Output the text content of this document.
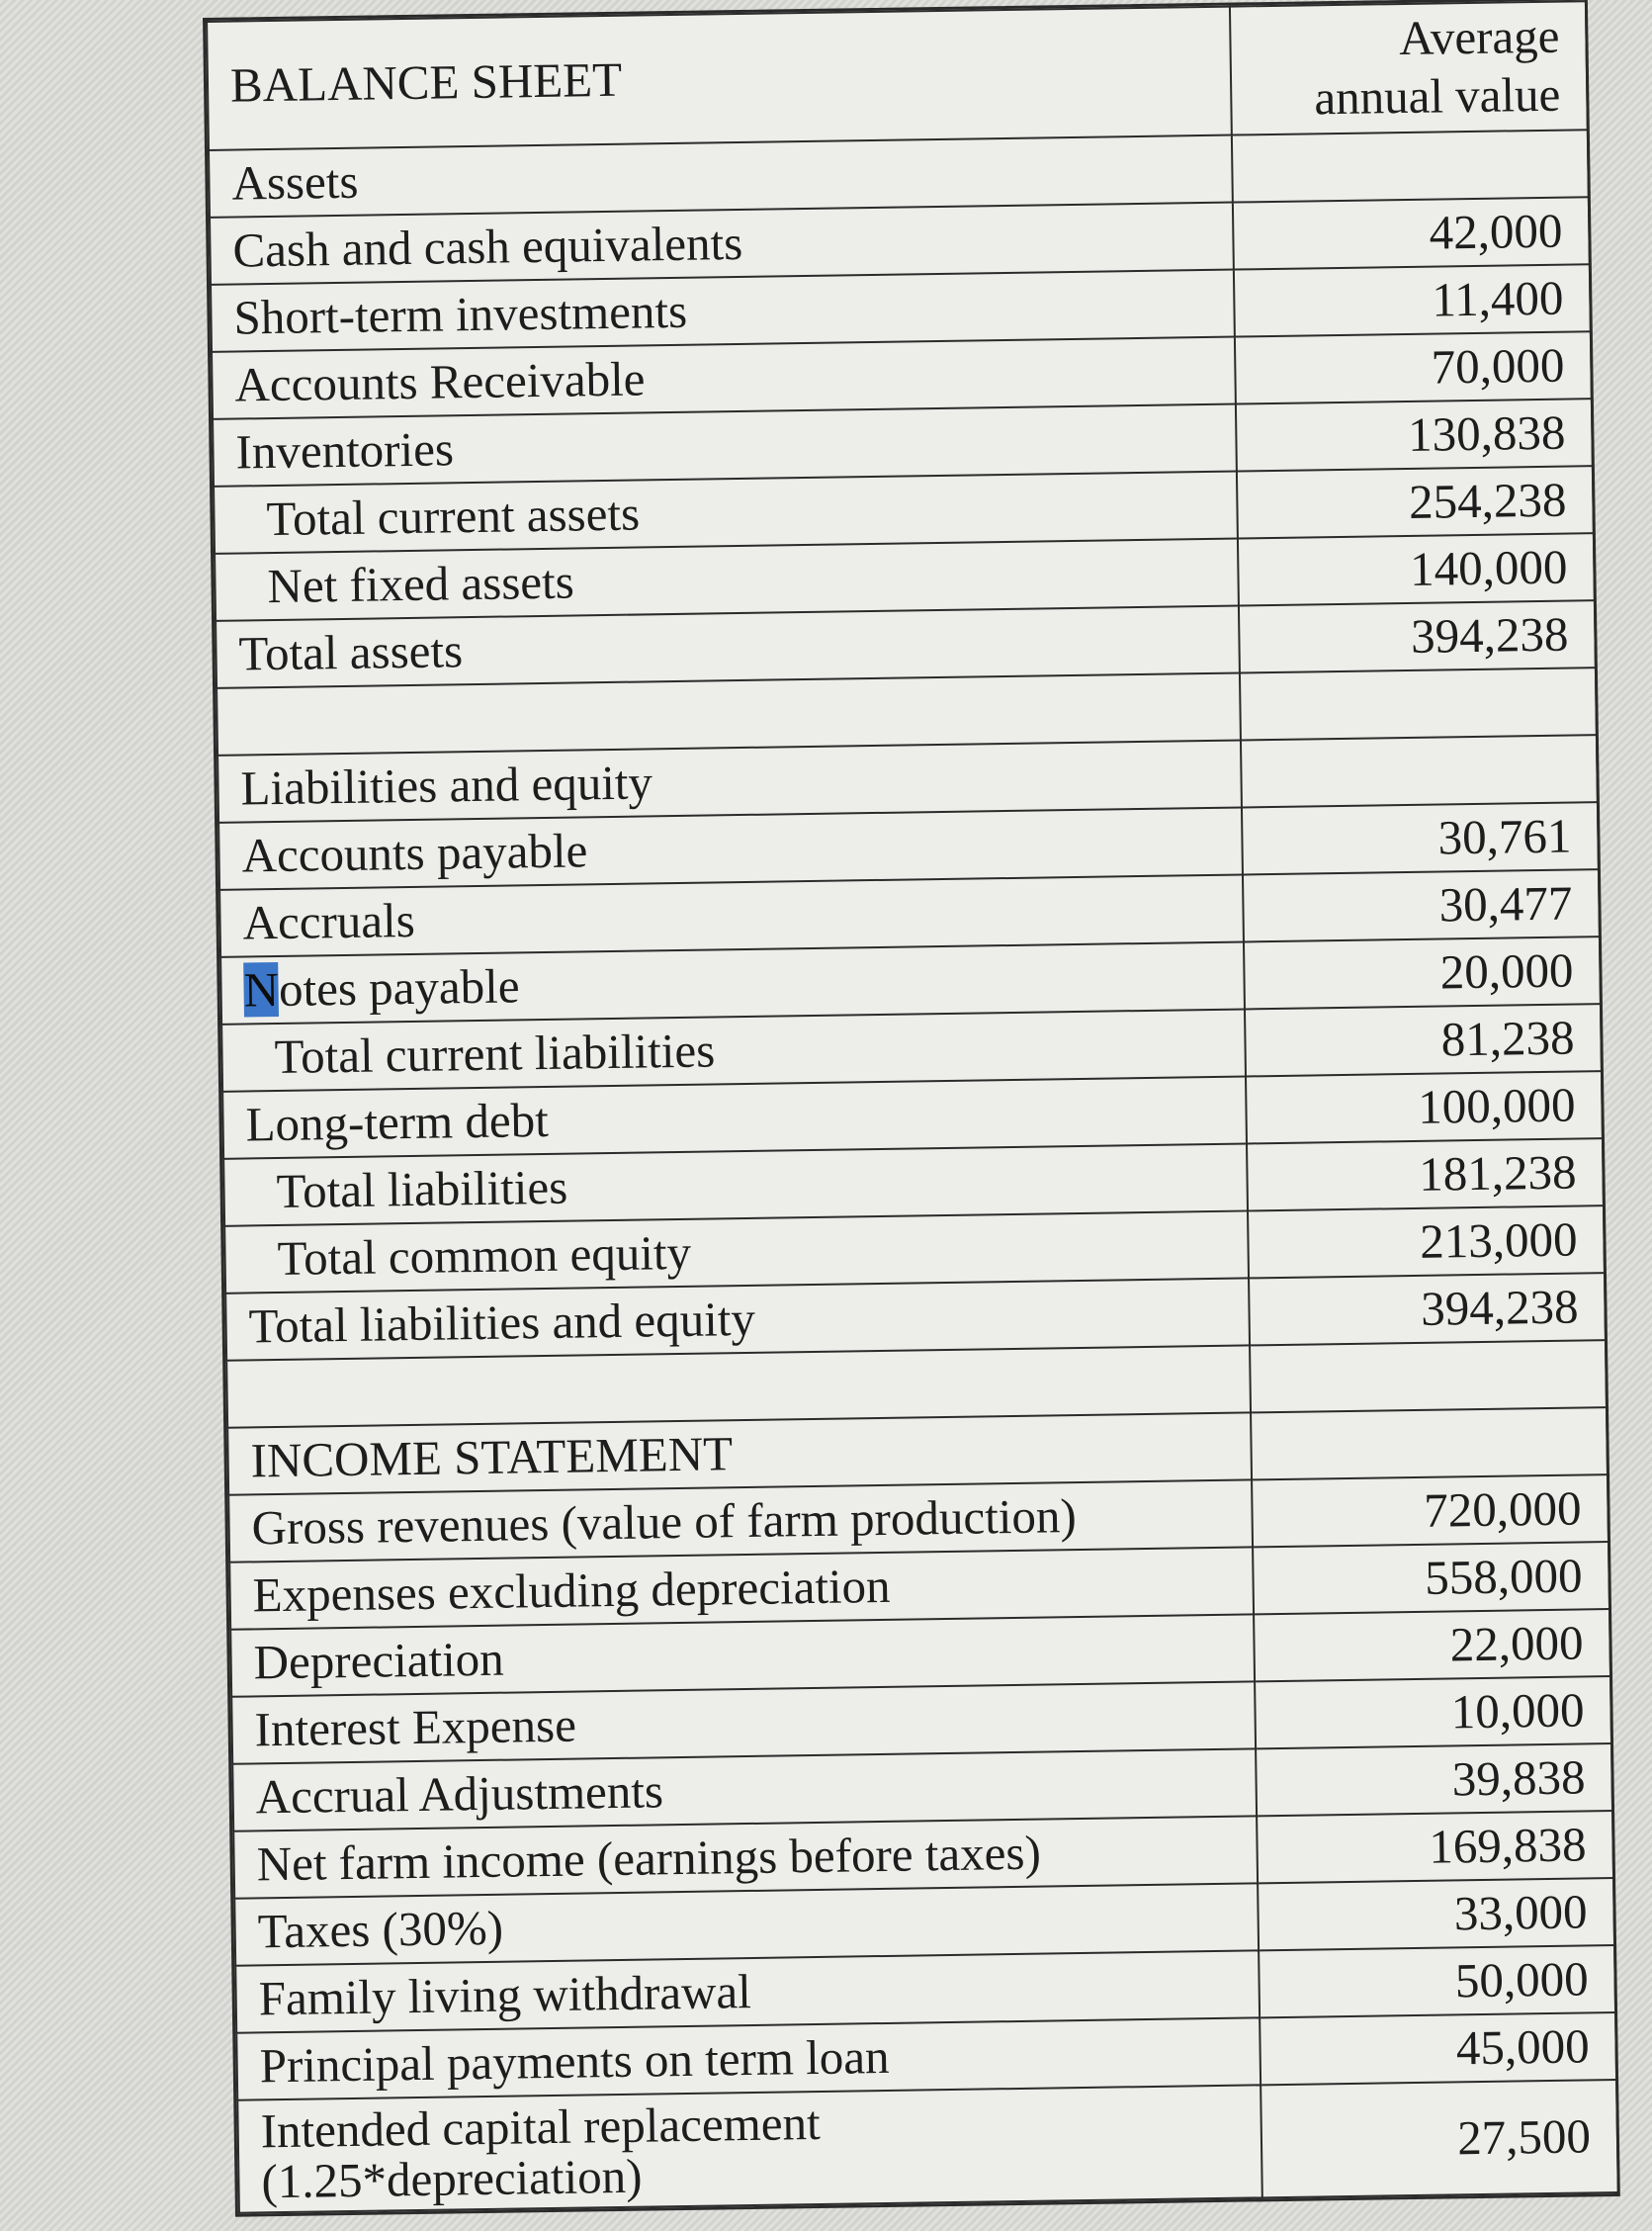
BALANCE SHEET	Average
annual value
Assets	
Cash and cash equivalents	42,000
Short-term investments	11,400
Accounts Receivable	70,000
Inventories	130,838
Total current assets	254,238
Net fixed assets	140,000
Total assets	394,238

Liabilities and equity	
Accounts payable	30,761
Accruals	30,477
Notes payable	20,000
Total current liabilities	81,238
Long-term debt	100,000
Total liabilities	181,238
Total common equity	213,000
Total liabilities and equity	394,238

INCOME STATEMENT	
Gross revenues (value of farm production)	720,000
Expenses excluding depreciation	558,000
Depreciation	22,000
Interest Expense	10,000
Accrual Adjustments	39,838
Net farm income (earnings before taxes)	169,838
Taxes (30%)	33,000
Family living withdrawal	50,000
Principal payments on term loan	45,000
Intended capital replacement
(1.25*depreciation)	27,500
